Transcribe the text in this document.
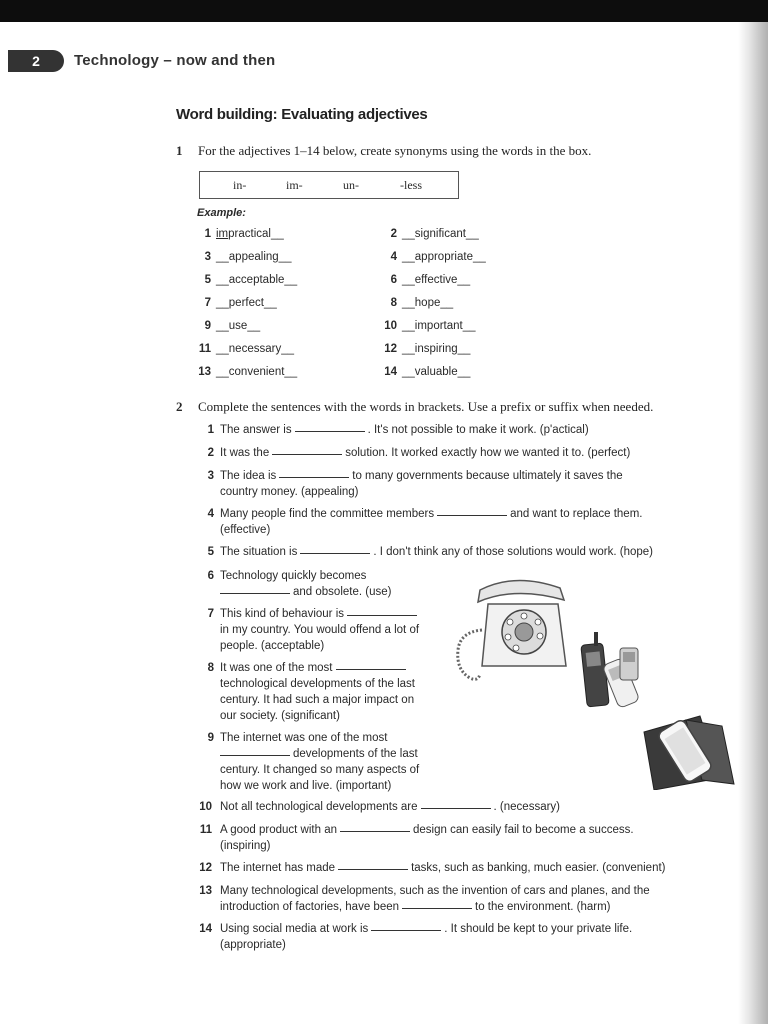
2	Technology – now and then
Word building: Evaluating adjectives
1 For the adjectives 1–14 below, create synonyms using the words in the box.
in-	im-	un-	-less
Example:
1 impractical__	2 __significant__
3 __appealing__	4 __appropriate__
5 __acceptable__	6 __effective__
7 __perfect__	8 __hope__
9 __use__	10 __important__
11 __necessary__	12 __inspiring__
13 __convenient__	14 __valuable__
2 Complete the sentences with the words in brackets. Use a prefix or suffix when needed.
1 The answer is	. It's not possible to make it work. (p'actical)
2 It was the	solution. It worked exactly how we wanted it to. (perfect)
3 The idea is	to many governments because ultimately it saves the
country money. (appealing)
4 Many people find the committee members	and want to replace them.
(effective)
5 The situation is	. I don't think any of those solutions would work. (hope)
6 Technology quickly becomes
and obsolete. (use)
7 This kind of behaviour is
in my country. You would offend a lot of
people. (acceptable)
8 It was one of the most
technological developments of the last
century. It had such a major impact on
our society. (significant)
9 The internet was one of the most
developments of the last
century. It changed so many aspects of
how we work and live. (important)
10 Not all technological developments are	. (necessary)
11 A good product with an	design can easily fail to become a success.
(inspiring)
12 The internet has made	tasks, such as banking, much easier. (convenient)
13 Many technological developments, such as the invention of cars and planes, and the
introduction of factories, have been	to the environment. (harm)
14 Using social media at work is	. It should be kept to your private life.
(appropriate)
